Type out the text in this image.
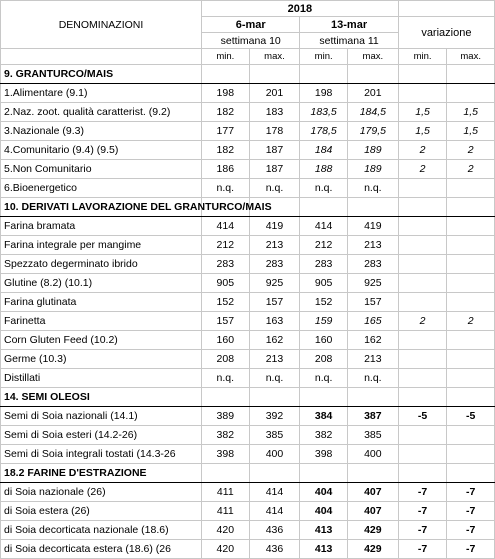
DENOMINAZIONI	2018					
	6-mar		13-mar		variazione	
	settimana 10		settimana 11			
	min.	max.	min.	max.	min.	max.
9. GRANTURCO/MAIS						
1.Alimentare (9.1)	198	201	198	201		
2.Naz. zoot. qualità caratterist. (9.2)	182	183	183,5	184,5	1,5	1,5
3.Nazionale (9.3)	177	178	178,5	179,5	1,5	1,5
4.Comunitario (9.4) (9.5)	182	187	184	189	2	2
5.Non Comunitario	186	187	188	189	2	2
6.Bioenergetico	n.q.	n.q.	n.q.	n.q.		
10. DERIVATI LAVORAZIONE DEL GRANTURCO/MAIS						
Farina bramata	414	419	414	419		
Farina integrale per mangime	212	213	212	213		
Spezzato degerminato ibrido	283	283	283	283		
Glutine (8.2) (10.1)	905	925	905	925		
Farina glutinata	152	157	152	157		
Farinetta	157	163	159	165	2	2
Corn Gluten Feed (10.2)	160	162	160	162		
Germe (10.3)	208	213	208	213		
Distillati	n.q.	n.q.	n.q.	n.q.		
14. SEMI OLEOSI						
Semi di Soia nazionali (14.1)	389	392	384	387	-5	-5
Semi di Soia esteri (14.2-26)	382	385	382	385		
Semi di Soia integrali tostati (14.3-26	398	400	398	400		
18.2 FARINE D'ESTRAZIONE						
di Soia nazionale (26)	411	414	404	407	-7	-7
di Soia estera (26)	411	414	404	407	-7	-7
di Soia decorticata nazionale (18.6)	420	436	413	429	-7	-7
di Soia decorticata estera (18.6) (26	420	436	413	429	-7	-7
